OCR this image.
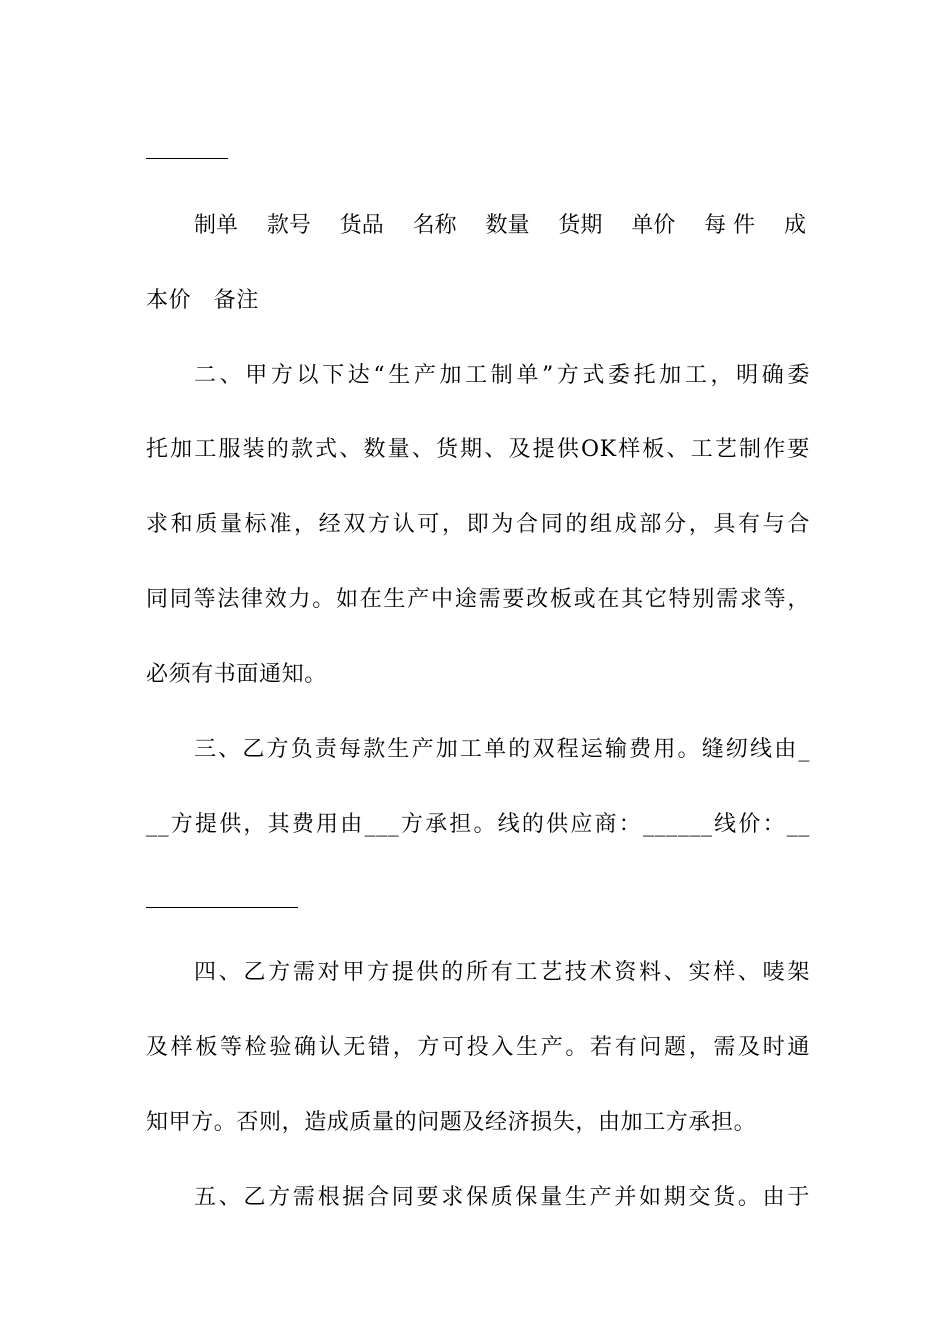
制单 款号 货品 名称 数量 货期 单价 每 件 成
本价　备注
二、甲方以下达“生产加工制单”方式委托加工，明确委
托加工服装的款式、数量、货期、及提供OK样板、工艺制作要
求和质量标准，经双方认可，即为合同的组成部分，具有与合
同同等法律效力。如在生产中途需要改板或在其它特别需求等，
必须有书面通知。
三、乙方负责每款生产加工单的双程运输费用。缝纫线由_
__方提供，其费用由___方承担。线的供应商：______线价：__
四、乙方需对甲方提供的所有工艺技术资料、实样、唛架
及样板等检验确认无错，方可投入生产。若有问题，需及时通
知甲方。否则，造成质量的问题及经济损失，由加工方承担。
五、乙方需根据合同要求保质保量生产并如期交货。由于
